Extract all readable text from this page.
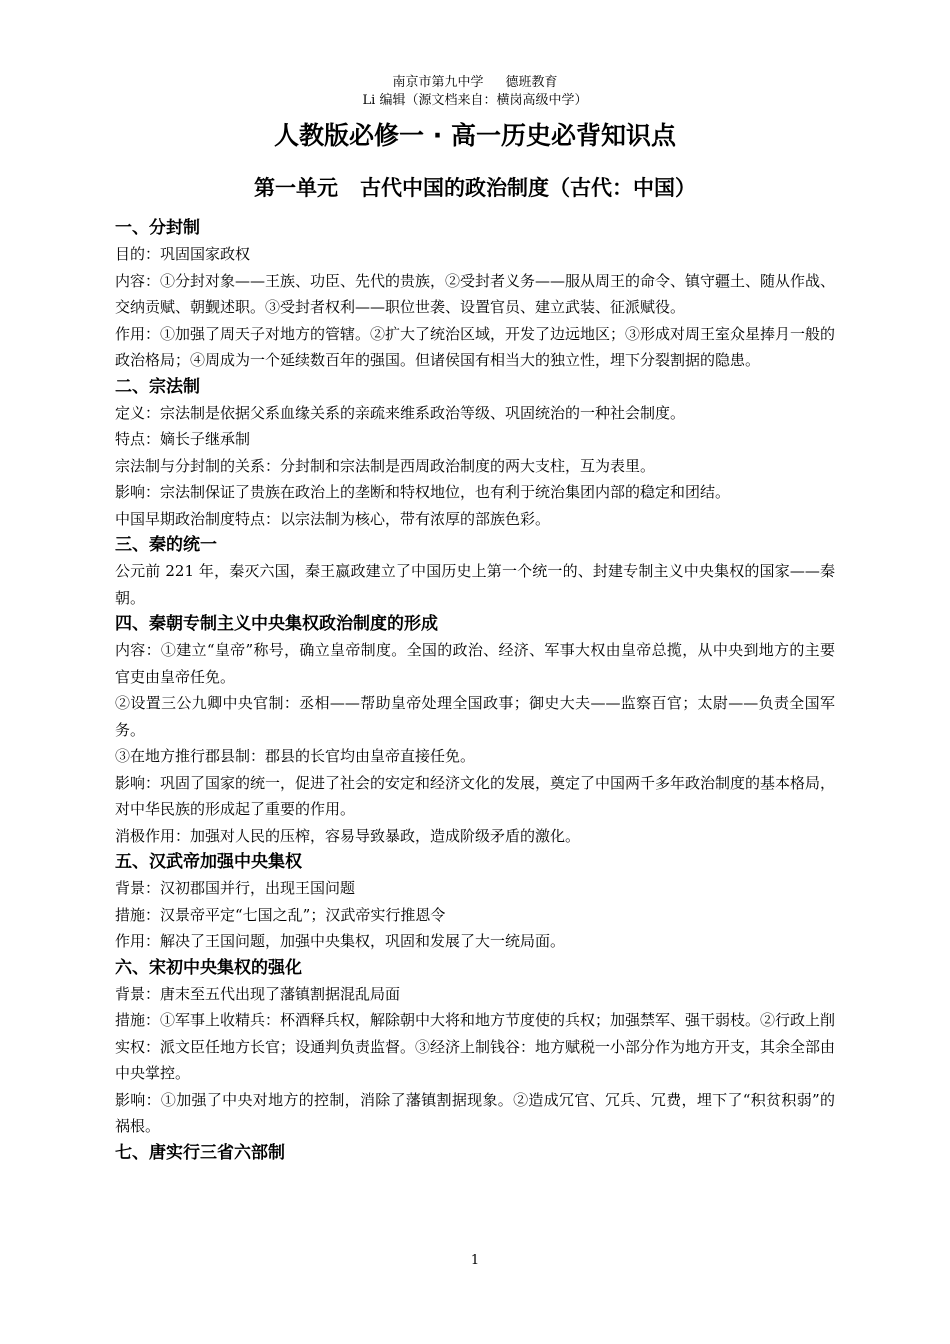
南京市第九中学 德班教育
Li 编辑（源文档来自：横岗高级中学）
人教版必修一 · 高一历史必背知识点
第一单元 古代中国的政治制度（古代：中国）
一、分封制
目的：巩固国家政权
内容：①分封对象——王族、功臣、先代的贵族，②受封者义务——服从周王的命令、镇守疆土、随从作战、交纳贡赋、朝觐述职。③受封者权利——职位世袭、设置官员、建立武装、征派赋役。
作用：①加强了周天子对地方的管辖。②扩大了统治区域，开发了边远地区；③形成对周王室众星捧月一般的政治格局；④周成为一个延续数百年的强国。但诸侯国有相当大的独立性，埋下分裂割据的隐患。
二、宗法制
定义：宗法制是依据父系血缘关系的亲疏来维系政治等级、巩固统治的一种社会制度。
特点：嫡长子继承制
宗法制与分封制的关系：分封制和宗法制是西周政治制度的两大支柱，互为表里。
影响：宗法制保证了贵族在政治上的垄断和特权地位，也有利于统治集团内部的稳定和团结。
中国早期政治制度特点：以宗法制为核心，带有浓厚的部族色彩。
三、秦的统一
公元前 221 年，秦灭六国，秦王嬴政建立了中国历史上第一个统一的、封建专制主义中央集权的国家——秦朝。
四、秦朝专制主义中央集权政治制度的形成
内容：①建立“皇帝”称号，确立皇帝制度。全国的政治、经济、军事大权由皇帝总揽，从中央到地方的主要官吏由皇帝任免。
②设置三公九卿中央官制：丞相——帮助皇帝处理全国政事；御史大夫——监察百官；太尉——负责全国军务。
③在地方推行郡县制：郡县的长官均由皇帝直接任免。
影响：巩固了国家的统一，促进了社会的安定和经济文化的发展，奠定了中国两千多年政治制度的基本格局，对中华民族的形成起了重要的作用。
消极作用：加强对人民的压榨，容易导致暴政，造成阶级矛盾的激化。
五、汉武帝加强中央集权
背景：汉初郡国并行，出现王国问题
措施：汉景帝平定“七国之乱”；汉武帝实行推恩令
作用：解决了王国问题，加强中央集权，巩固和发展了大一统局面。
六、宋初中央集权的强化
背景：唐末至五代出现了藩镇割据混乱局面
措施：①军事上收精兵：杯酒释兵权，解除朝中大将和地方节度使的兵权；加强禁军、强干弱枝。②行政上削实权：派文臣任地方长官；设通判负责监督。③经济上制钱谷：地方赋税一小部分作为地方开支，其余全部由中央掌控。
影响：①加强了中央对地方的控制，消除了藩镇割据现象。②造成冗官、冗兵、冗费，埋下了“积贫积弱”的祸根。
七、唐实行三省六部制
1
